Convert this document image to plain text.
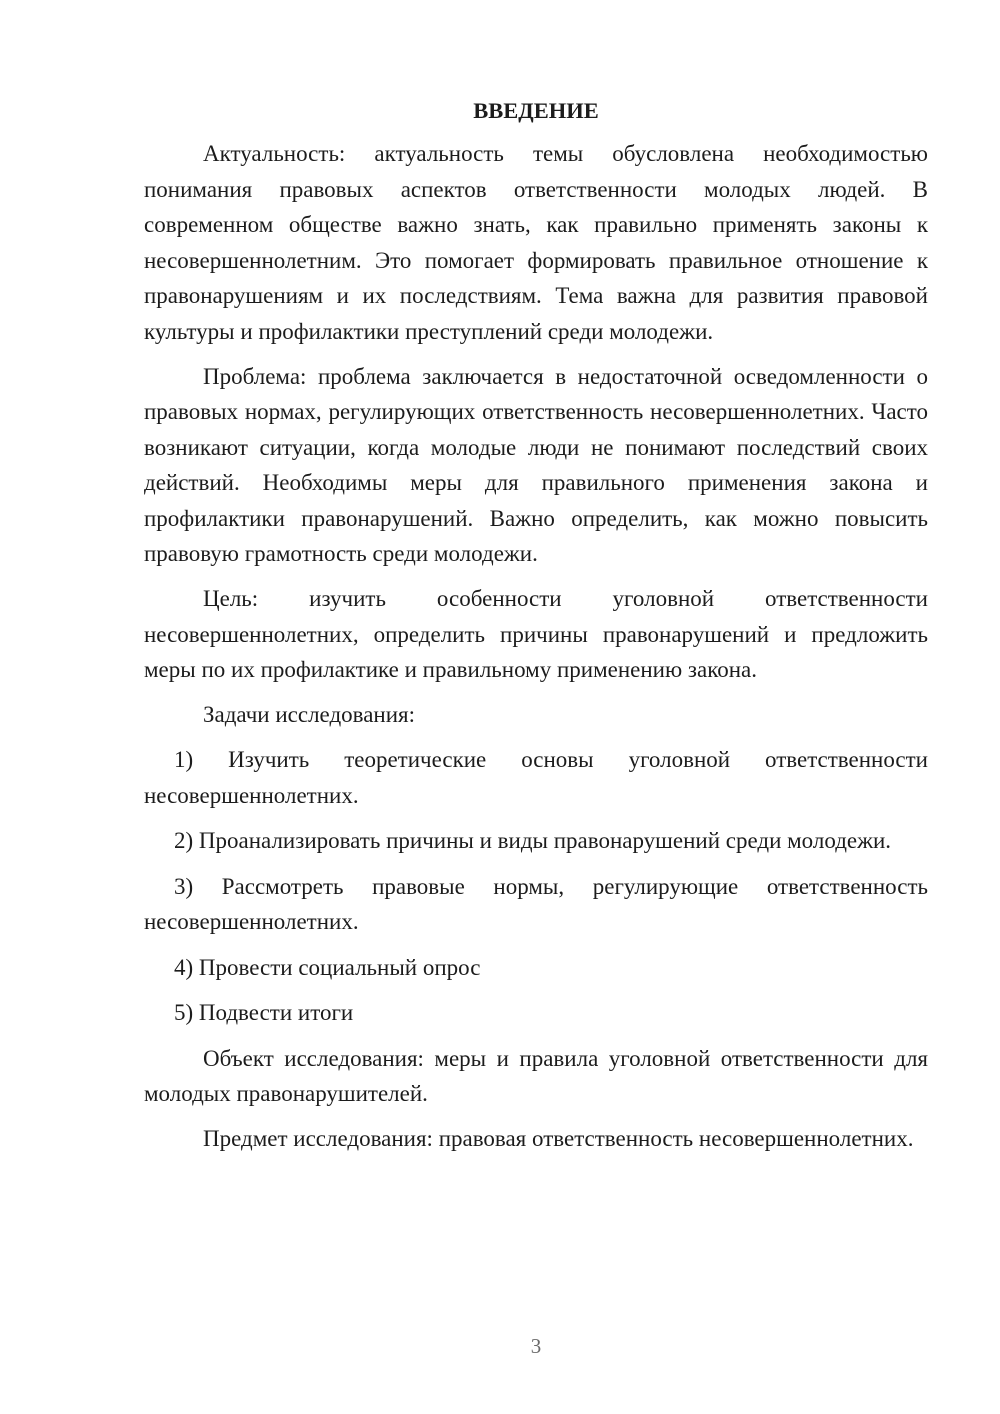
ВВЕДЕНИЕ

Актуальность: актуальность темы обусловлена необходимостью понимания правовых аспектов ответственности молодых людей. В современном обществе важно знать, как правильно применять законы к несовершеннолетним. Это помогает формировать правильное отношение к правонарушениям и их последствиям. Тема важна для развития правовой культуры и профилактики преступлений среди молодежи.

Проблема: проблема заключается в недостаточной осведомленности о правовых нормах, регулирующих ответственность несовершеннолетних. Часто возникают ситуации, когда молодые люди не понимают последствий своих действий. Необходимы меры для правильного применения закона и профилактики правонарушений. Важно определить, как можно повысить правовую грамотность среди молодежи.

Цель: изучить особенности уголовной ответственности несовершеннолетних, определить причины правонарушений и предложить меры по их профилактике и правильному применению закона.

Задачи исследования:

1) Изучить теоретические основы уголовной ответственности несовершеннолетних.

2) Проанализировать причины и виды правонарушений среди молодежи.

3) Рассмотреть правовые нормы, регулирующие ответственность несовершеннолетних.

4) Провести социальный опрос

5) Подвести итоги

Объект исследования: меры и правила уголовной ответственности для молодых правонарушителей.

Предмет исследования: правовая ответственность несовершеннолетних.

3
